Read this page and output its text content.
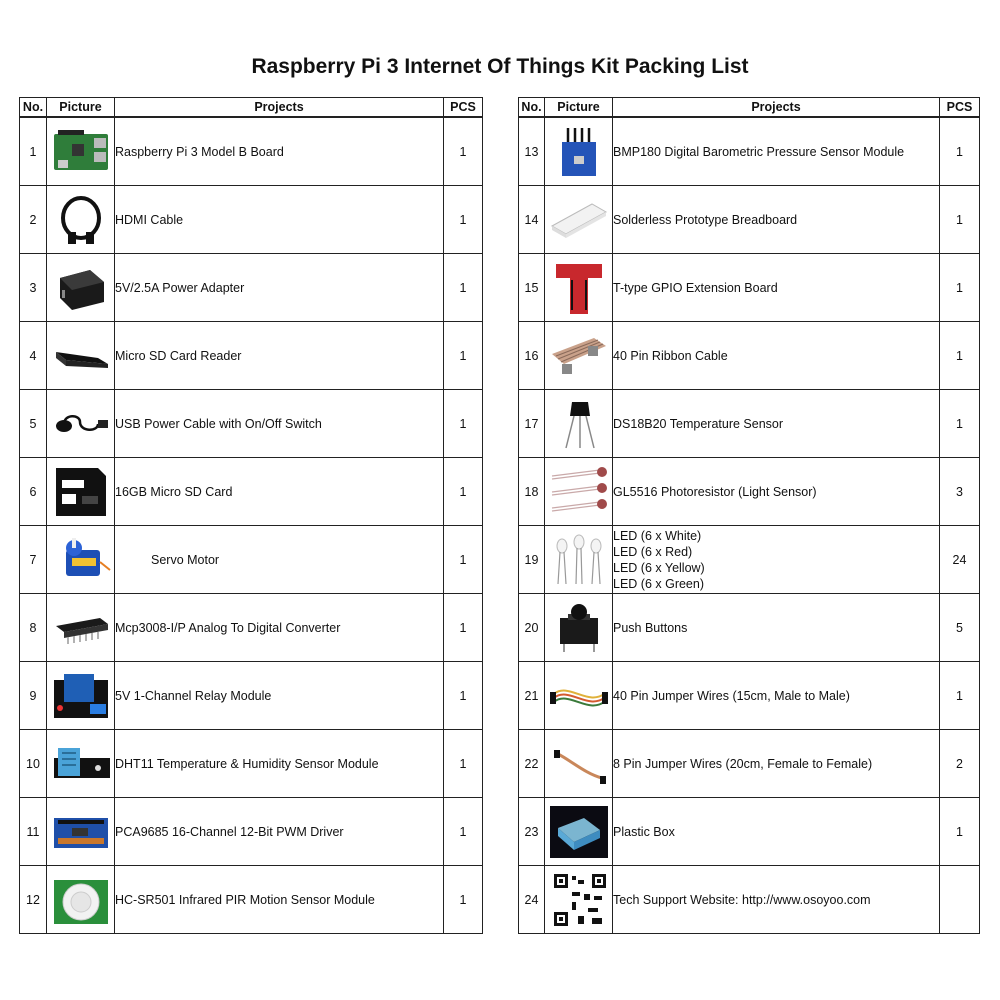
Raspberry Pi 3 Internet Of Things Kit Packing List
No.	Picture	Projects	PCS
1		Raspberry Pi 3 Model B Board	1
2		HDMI Cable	1
3		5V/2.5A Power Adapter	1
4		Micro SD Card Reader	1
5		USB Power Cable with On/Off Switch	1
6		16GB Micro SD Card	1
7		Servo Motor	1
8		Mcp3008-I/P Analog To Digital Converter	1
9		5V 1-Channel Relay Module	1
10		DHT11 Temperature & Humidity Sensor Module	1
11		PCA9685 16-Channel 12-Bit PWM Driver	1
12		HC-SR501 Infrared PIR Motion Sensor Module	1
No.	Picture	Projects	PCS
13		BMP180 Digital Barometric Pressure Sensor Module	1
14		Solderless Prototype Breadboard	1
15		T-type GPIO Extension Board	1
16		40 Pin Ribbon Cable	1
17		DS18B20 Temperature Sensor	1
18		GL5516 Photoresistor (Light Sensor)	3
19		LED (6 x White)
LED (6 x Red)
LED (6 x Yellow)
LED (6 x Green)	24
20		Push Buttons	5
21		40 Pin Jumper Wires (15cm, Male to Male)	1
22		8 Pin Jumper Wires (20cm, Female to Female)	2
23		Plastic Box	1
24		Tech Support Website: http://www.osoyoo.com	
